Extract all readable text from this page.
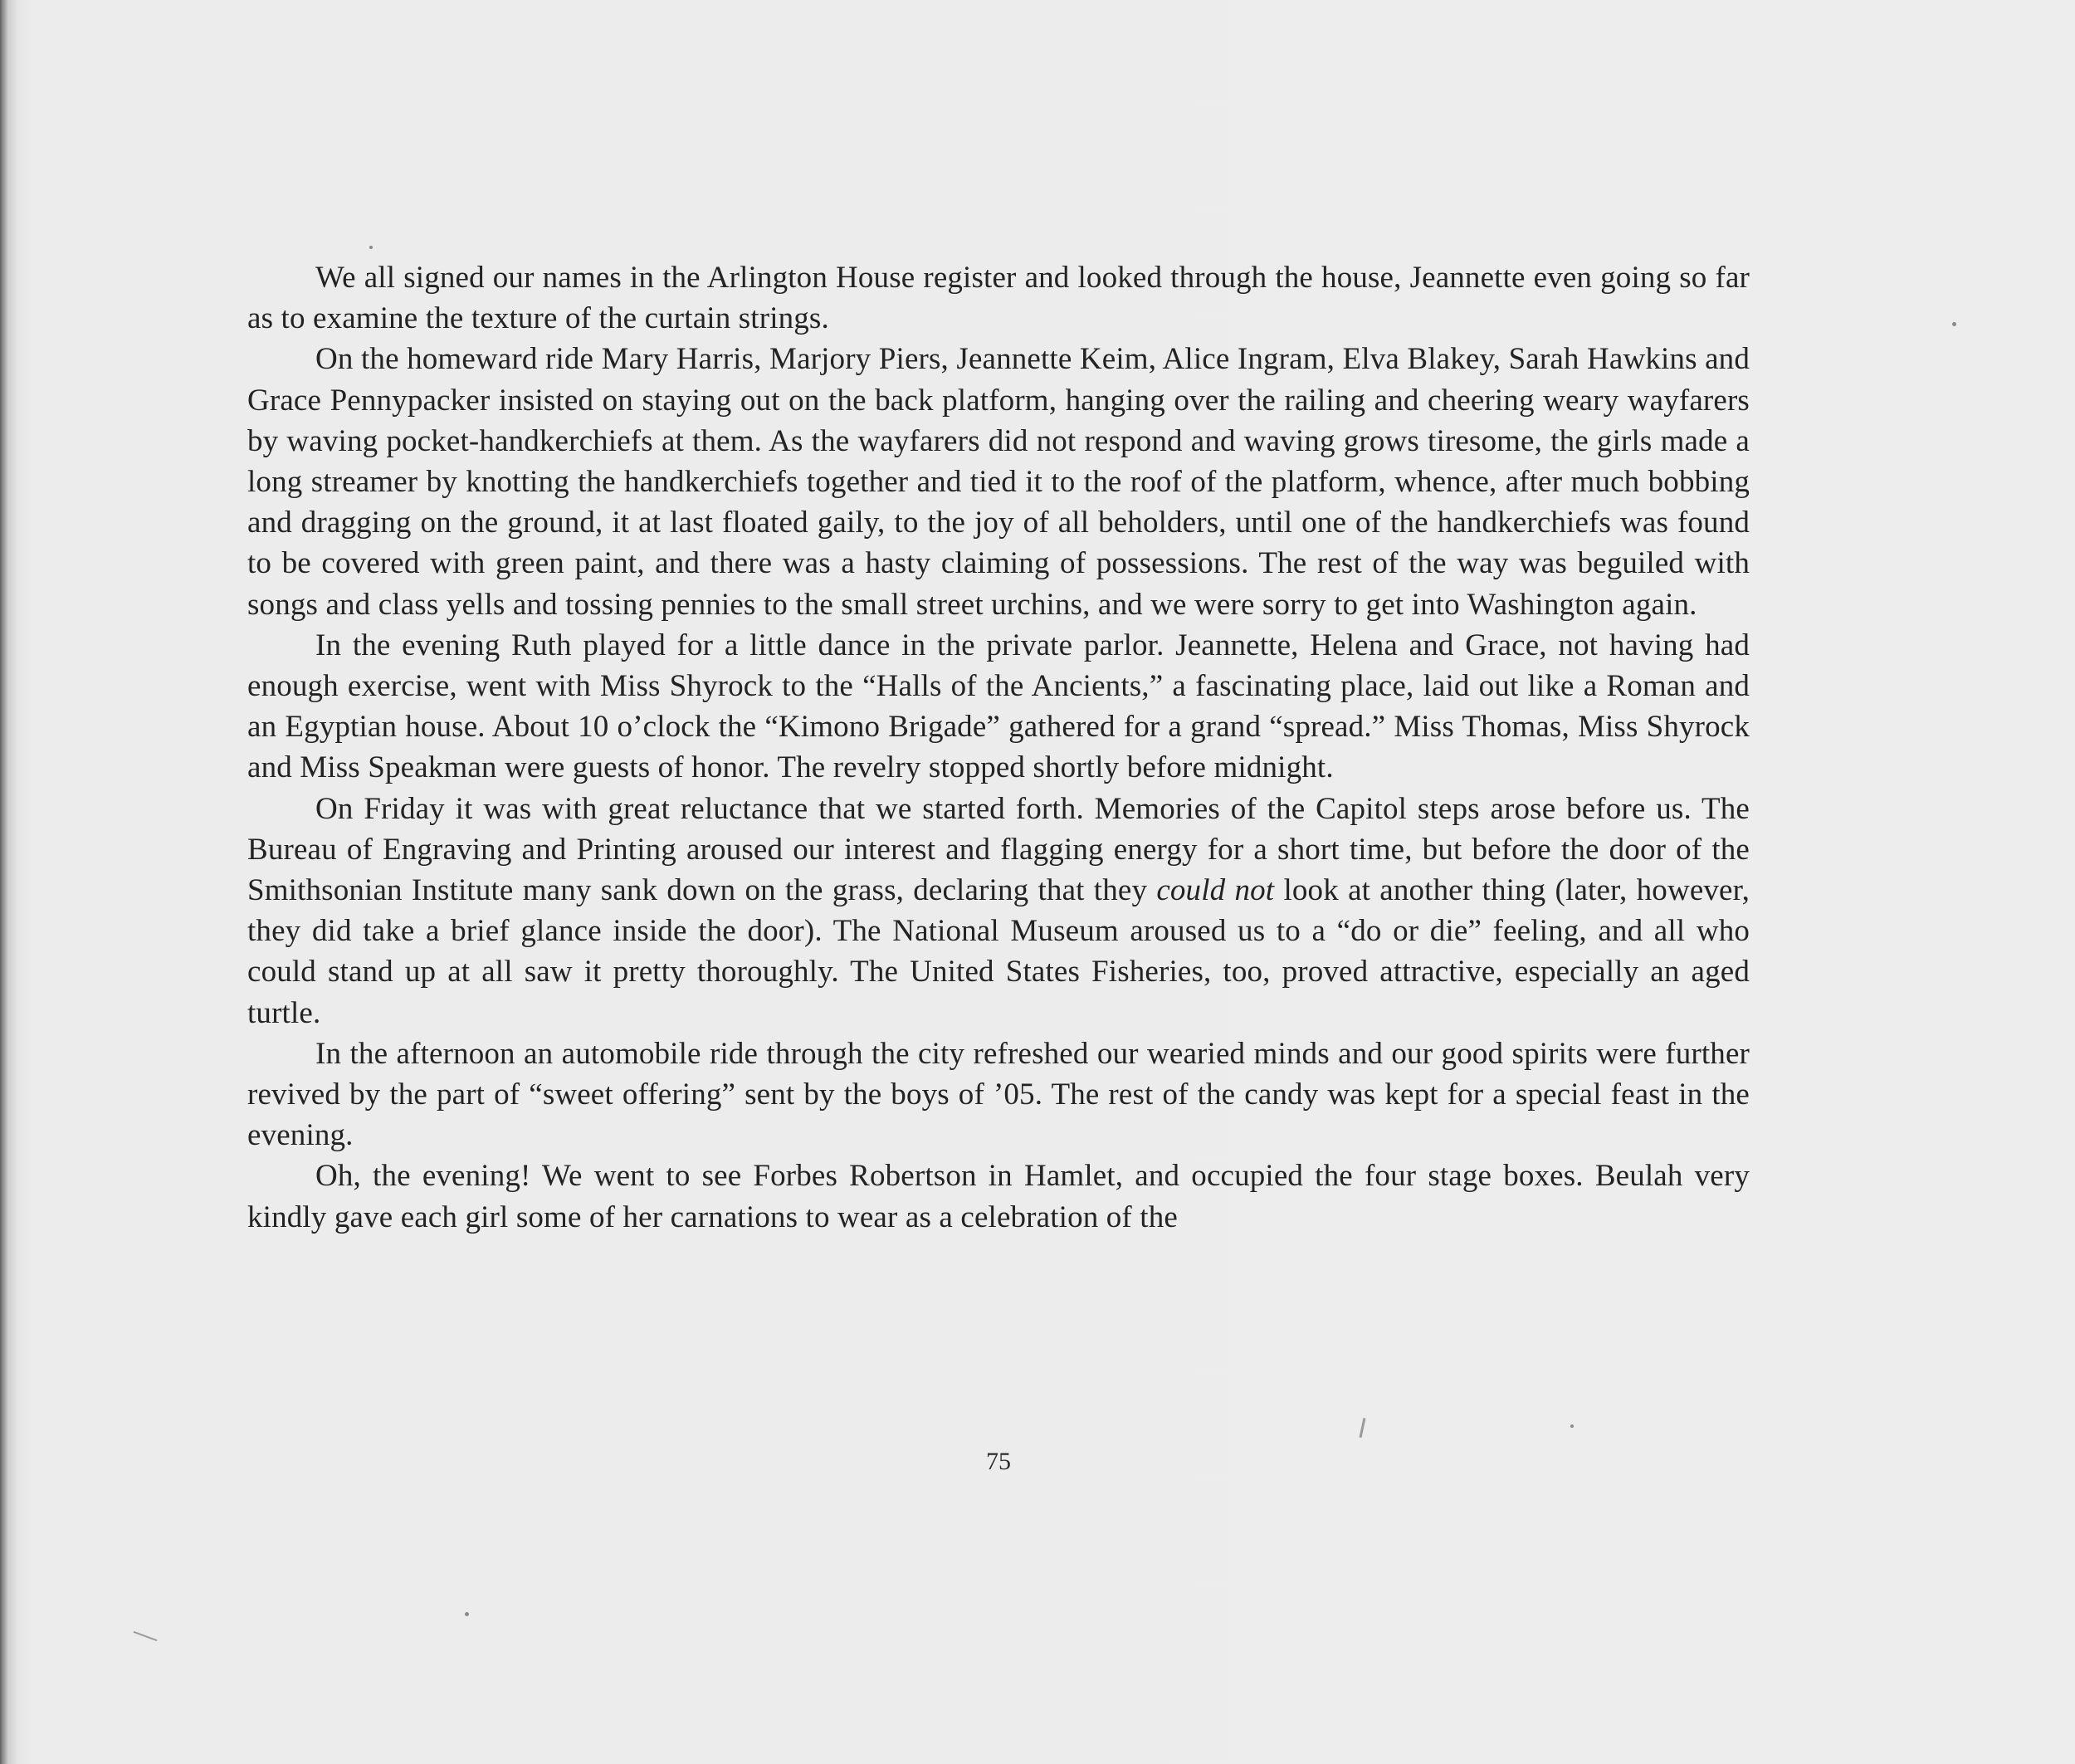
We all signed our names in the Arlington House register and looked through the house, Jeannette even going so far as to examine the texture of the curtain strings.

On the homeward ride Mary Harris, Marjory Piers, Jeannette Keim, Alice Ingram, Elva Blakey, Sarah Hawkins and Grace Pennypacker insisted on staying out on the back platform, hanging over the railing and cheering weary wayfarers by waving pocket-handkerchiefs at them. As the wayfarers did not respond and waving grows tiresome, the girls made a long streamer by knotting the handkerchiefs together and tied it to the roof of the platform, whence, after much bobbing and dragging on the ground, it at last floated gaily, to the joy of all beholders, until one of the handkerchiefs was found to be covered with green paint, and there was a hasty claiming of possessions. The rest of the way was beguiled with songs and class yells and tossing pennies to the small street urchins, and we were sorry to get into Washington again.

In the evening Ruth played for a little dance in the private parlor. Jeannette, Helena and Grace, not having had enough exercise, went with Miss Shyrock to the “Halls of the Ancients,” a fascinating place, laid out like a Roman and an Egyptian house. About 10 o’clock the “Kimono Brigade” gathered for a grand “spread.” Miss Thomas, Miss Shyrock and Miss Speakman were guests of honor. The revelry stopped shortly before midnight.

On Friday it was with great reluctance that we started forth. Memories of the Capitol steps arose before us. The Bureau of Engraving and Printing aroused our interest and flagging energy for a short time, but before the door of the Smithsonian Institute many sank down on the grass, declaring that they could not look at another thing (later, however, they did take a brief glance inside the door). The National Museum aroused us to a “do or die” feeling, and all who could stand up at all saw it pretty thoroughly. The United States Fisheries, too, proved attractive, especially an aged turtle.

In the afternoon an automobile ride through the city refreshed our wearied minds and our good spirits were further revived by the part of “sweet offering” sent by the boys of ’05. The rest of the candy was kept for a special feast in the evening.

Oh, the evening! We went to see Forbes Robertson in Hamlet, and occupied the four stage boxes. Beulah very kindly gave each girl some of her carnations to wear as a celebration of the

75
